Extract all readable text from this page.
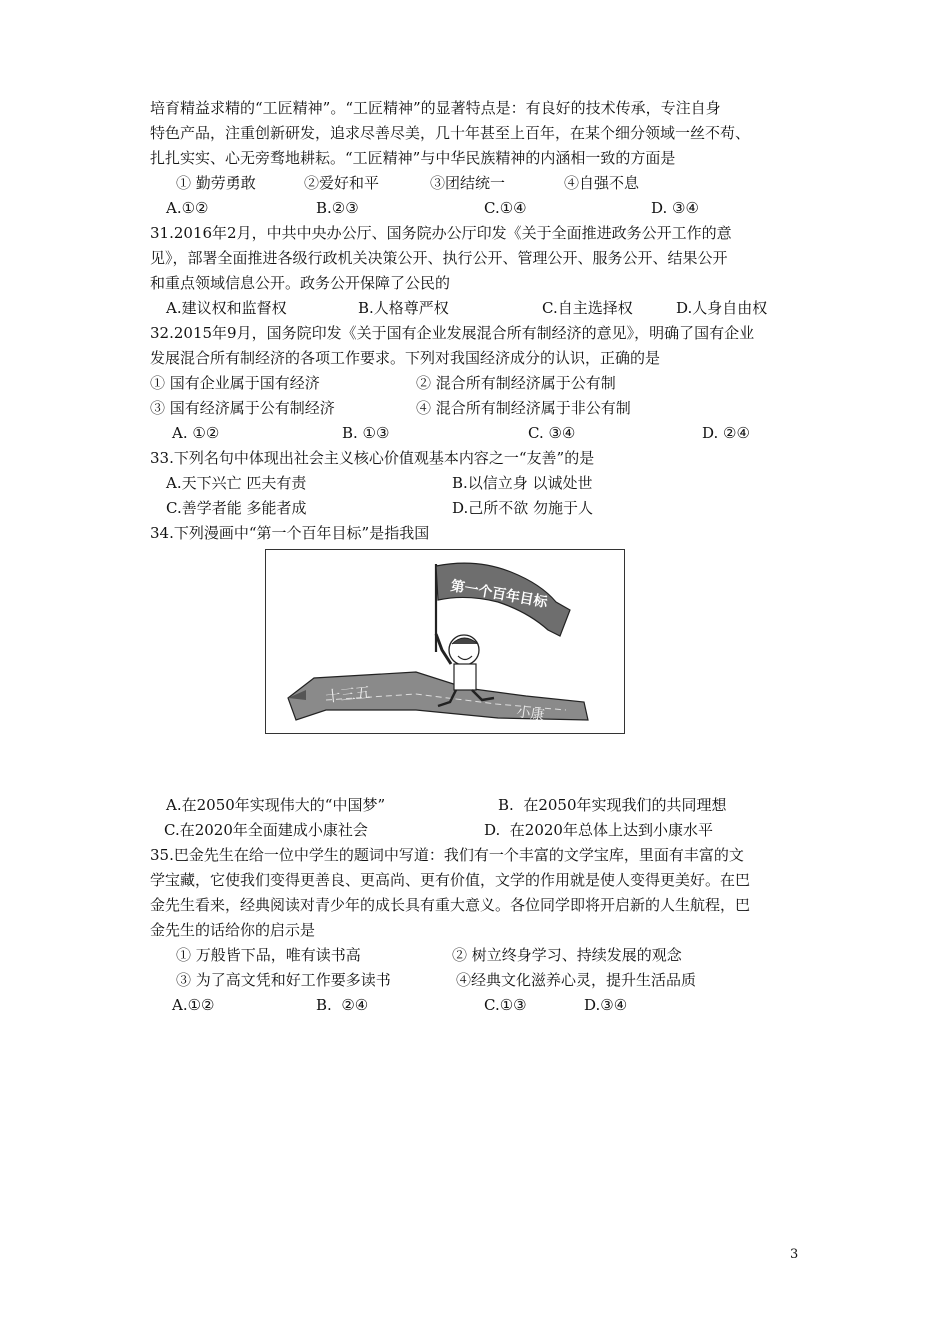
培育精益求精的“工匠精神”。“工匠精神”的显著特点是：有良好的技术传承，专注自身
特色产品，注重创新研发，追求尽善尽美，几十年甚至上百年，在某个细分领域一丝不苟、
扎扎实实、心无旁骛地耕耘。“工匠精神”与中华民族精神的内涵相一致的方面是
① 勤劳勇敢	②爱好和平	③团结统一	④自强不息
A.①②	B.②③	C.①④	D. ③④
31.2016年2月，中共中央办公厅、国务院办公厅印发《关于全面推进政务公开工作的意
见》，部署全面推进各级行政机关决策公开、执行公开、管理公开、服务公开、结果公开
和重点领域信息公开。政务公开保障了公民的
A.建议权和监督权	B.人格尊严权	C.自主选择权	D.人身自由权
32.2015年9月，国务院印发《关于国有企业发展混合所有制经济的意见》，明确了国有企业
发展混合所有制经济的各项工作要求。下列对我国经济成分的认识，正确的是
① 国有企业属于国有经济	② 混合所有制经济属于公有制
③ 国有经济属于公有制经济	④ 混合所有制经济属于非公有制
A. ①②	B. ①③	C. ③④	D. ②④
33.下列名句中体现出社会主义核心价值观基本内容之一“友善”的是
A.天下兴亡 匹夫有责	B.以信立身 以诚处世
C.善学者能 多能者成	D.己所不欲 勿施于人
34.下列漫画中“第一个百年目标”是指我国
十三五
小康
第一个百年目标
A.在2050年实现伟大的“中国梦”	B.  在2050年实现我们的共同理想
C.在2020年全面建成小康社会	D.  在2020年总体上达到小康水平
35.巴金先生在给一位中学生的题词中写道：我们有一个丰富的文学宝库，里面有丰富的文
学宝藏，它使我们变得更善良、更高尚、更有价值，文学的作用就是使人变得更美好。在巴
金先生看来，经典阅读对青少年的成长具有重大意义。各位同学即将开启新的人生航程，巴
金先生的话给你的启示是
① 万般皆下品，唯有读书高	② 树立终身学习、持续发展的观念
③ 为了高文凭和好工作要多读书	④经典文化滋养心灵，提升生活品质
A.①②	B.  ②④	C.①③	D.③④
3
